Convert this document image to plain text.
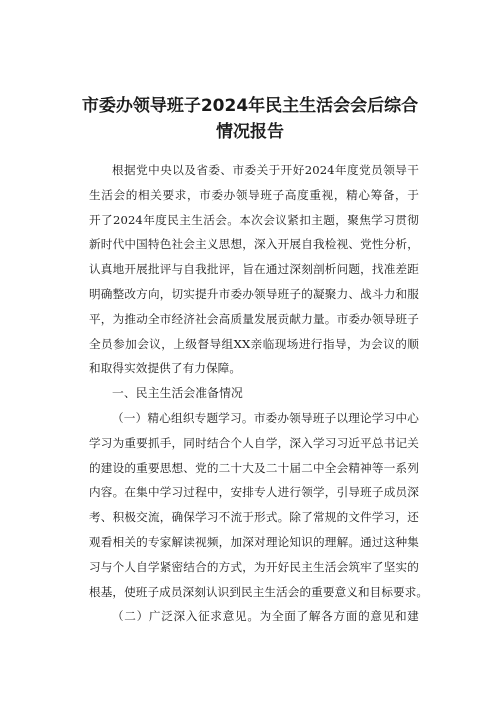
市委办领导班子2024年民主生活会会后综合
情况报告
根据党中央以及省委、市委关于开好2024年度党员领导干
生活会的相关要求，市委办领导班子高度重视，精心筹备，于
开了2024年度民主生活会。本次会议紧扣主题，聚焦学习贯彻
新时代中国特色社会主义思想，深入开展自我检视、党性分析，
认真地开展批评与自我批评，旨在通过深刻剖析问题，找准差距
明确整改方向，切实提升市委办领导班子的凝聚力、战斗力和服
平，为推动全市经济社会高质量发展贡献力量。市委办领导班子
全员参加会议，上级督导组XX亲临现场进行指导，为会议的顺
和取得实效提供了有力保障。
一、民主生活会准备情况
（一）精心组织专题学习。市委办领导班子以理论学习中心
学习为重要抓手，同时结合个人自学，深入学习习近平总书记关
的建设的重要思想、党的二十大及二十届二中全会精神等一系列
内容。在集中学习过程中，安排专人进行领学，引导班子成员深
考、积极交流，确保学习不流于形式。除了常规的文件学习，还
观看相关的专家解读视频，加深对理论知识的理解。通过这种集
习与个人自学紧密结合的方式，为开好民主生活会筑牢了坚实的
根基，使班子成员深刻认识到民主生活会的重要意义和目标要求。
（二）广泛深入征求意见。为全面了解各方面的意见和建
